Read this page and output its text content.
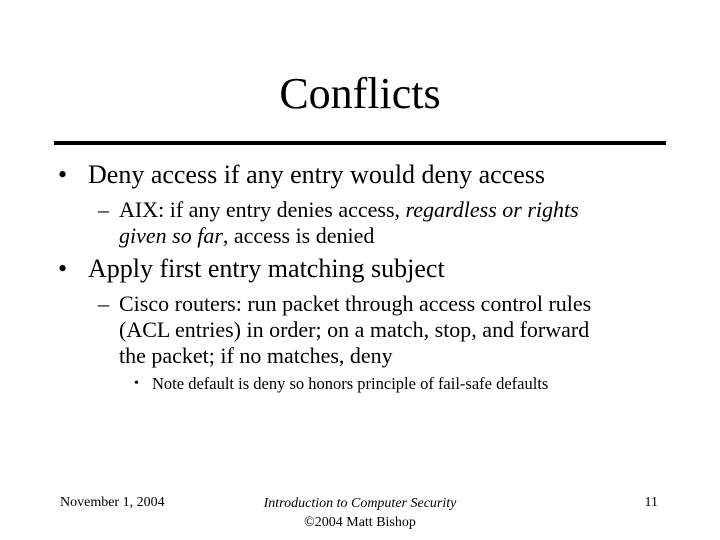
Conflicts
• Deny access if any entry would deny access
– AIX: if any entry denies access, regardless or rights
given so far, access is denied
• Apply first entry matching subject
– Cisco routers: run packet through access control rules
(ACL entries) in order; on a match, stop, and forward
the packet; if no matches, deny
• Note default is deny so honors principle of fail-safe defaults
November 1, 2004	Introduction to Computer Security
©2004 Matt Bishop
11
